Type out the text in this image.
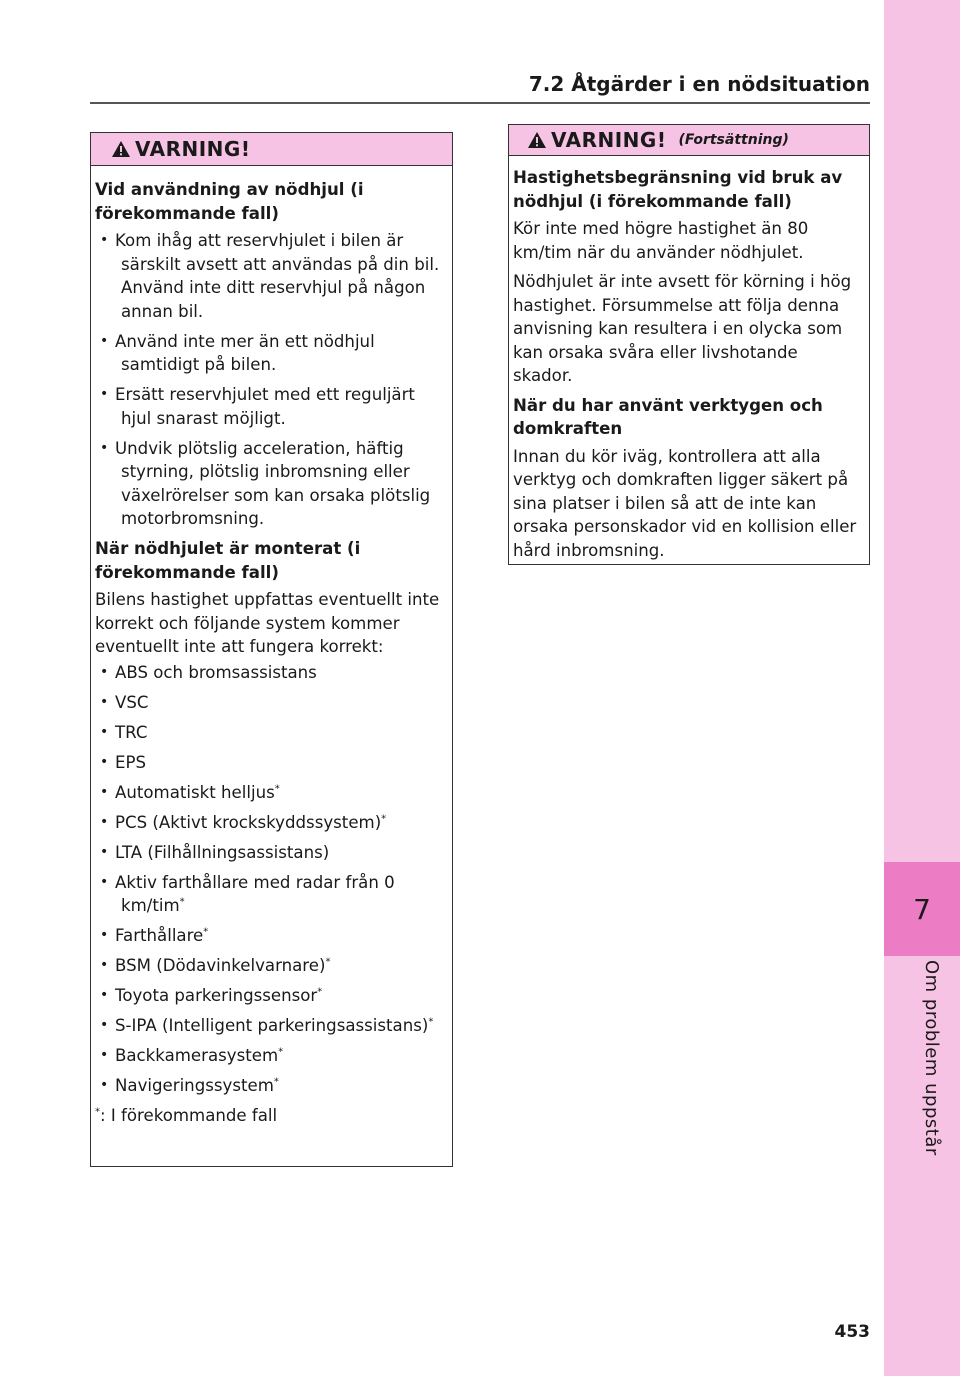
7.2 Åtgärder i en nödsituation
7
Om problem uppstår
VARNING!
Vid användning av nödhjul (i förekommande fall)
• Kom ihåg att reservhjulet i bilen är särskilt avsett att användas på din bil. Använd inte ditt reservhjul på någon annan bil.
• Använd inte mer än ett nödhjul samtidigt på bilen.
• Ersätt reservhjulet med ett reguljärt hjul snarast möjligt.
• Undvik plötslig acceleration, häftig styrning, plötslig inbromsning eller växelrörelser som kan orsaka plötslig motorbromsning.
När nödhjulet är monterat (i förekommande fall)
Bilens hastighet uppfattas eventuellt inte korrekt och följande system kommer eventuellt inte att fungera korrekt:
• ABS och bromsassistans
• VSC
• TRC
• EPS
• Automatiskt helljus*
• PCS (Aktivt krockskyddssystem)*
• LTA (Filhållningsassistans)
• Aktiv farthållare med radar från 0 km/tim*
• Farthållare*
• BSM (Dödavinkelvarnare)*
• Toyota parkeringssensor*
• S-IPA (Intelligent parkeringsassistans)*
• Backkamerasystem*
• Navigeringssystem*
*: I förekommande fall
VARNING! (Fortsättning)
Hastighetsbegränsning vid bruk av nödhjul (i förekommande fall)
Kör inte med högre hastighet än 80 km/tim när du använder nödhjulet.
Nödhjulet är inte avsett för körning i hög hastighet. Försummelse att följa denna anvisning kan resultera i en olycka som kan orsaka svåra eller livshotande skador.
När du har använt verktygen och domkraften
Innan du kör iväg, kontrollera att alla verktyg och domkraften ligger säkert på sina platser i bilen så att de inte kan orsaka personskador vid en kollision eller hård inbromsning.
453
